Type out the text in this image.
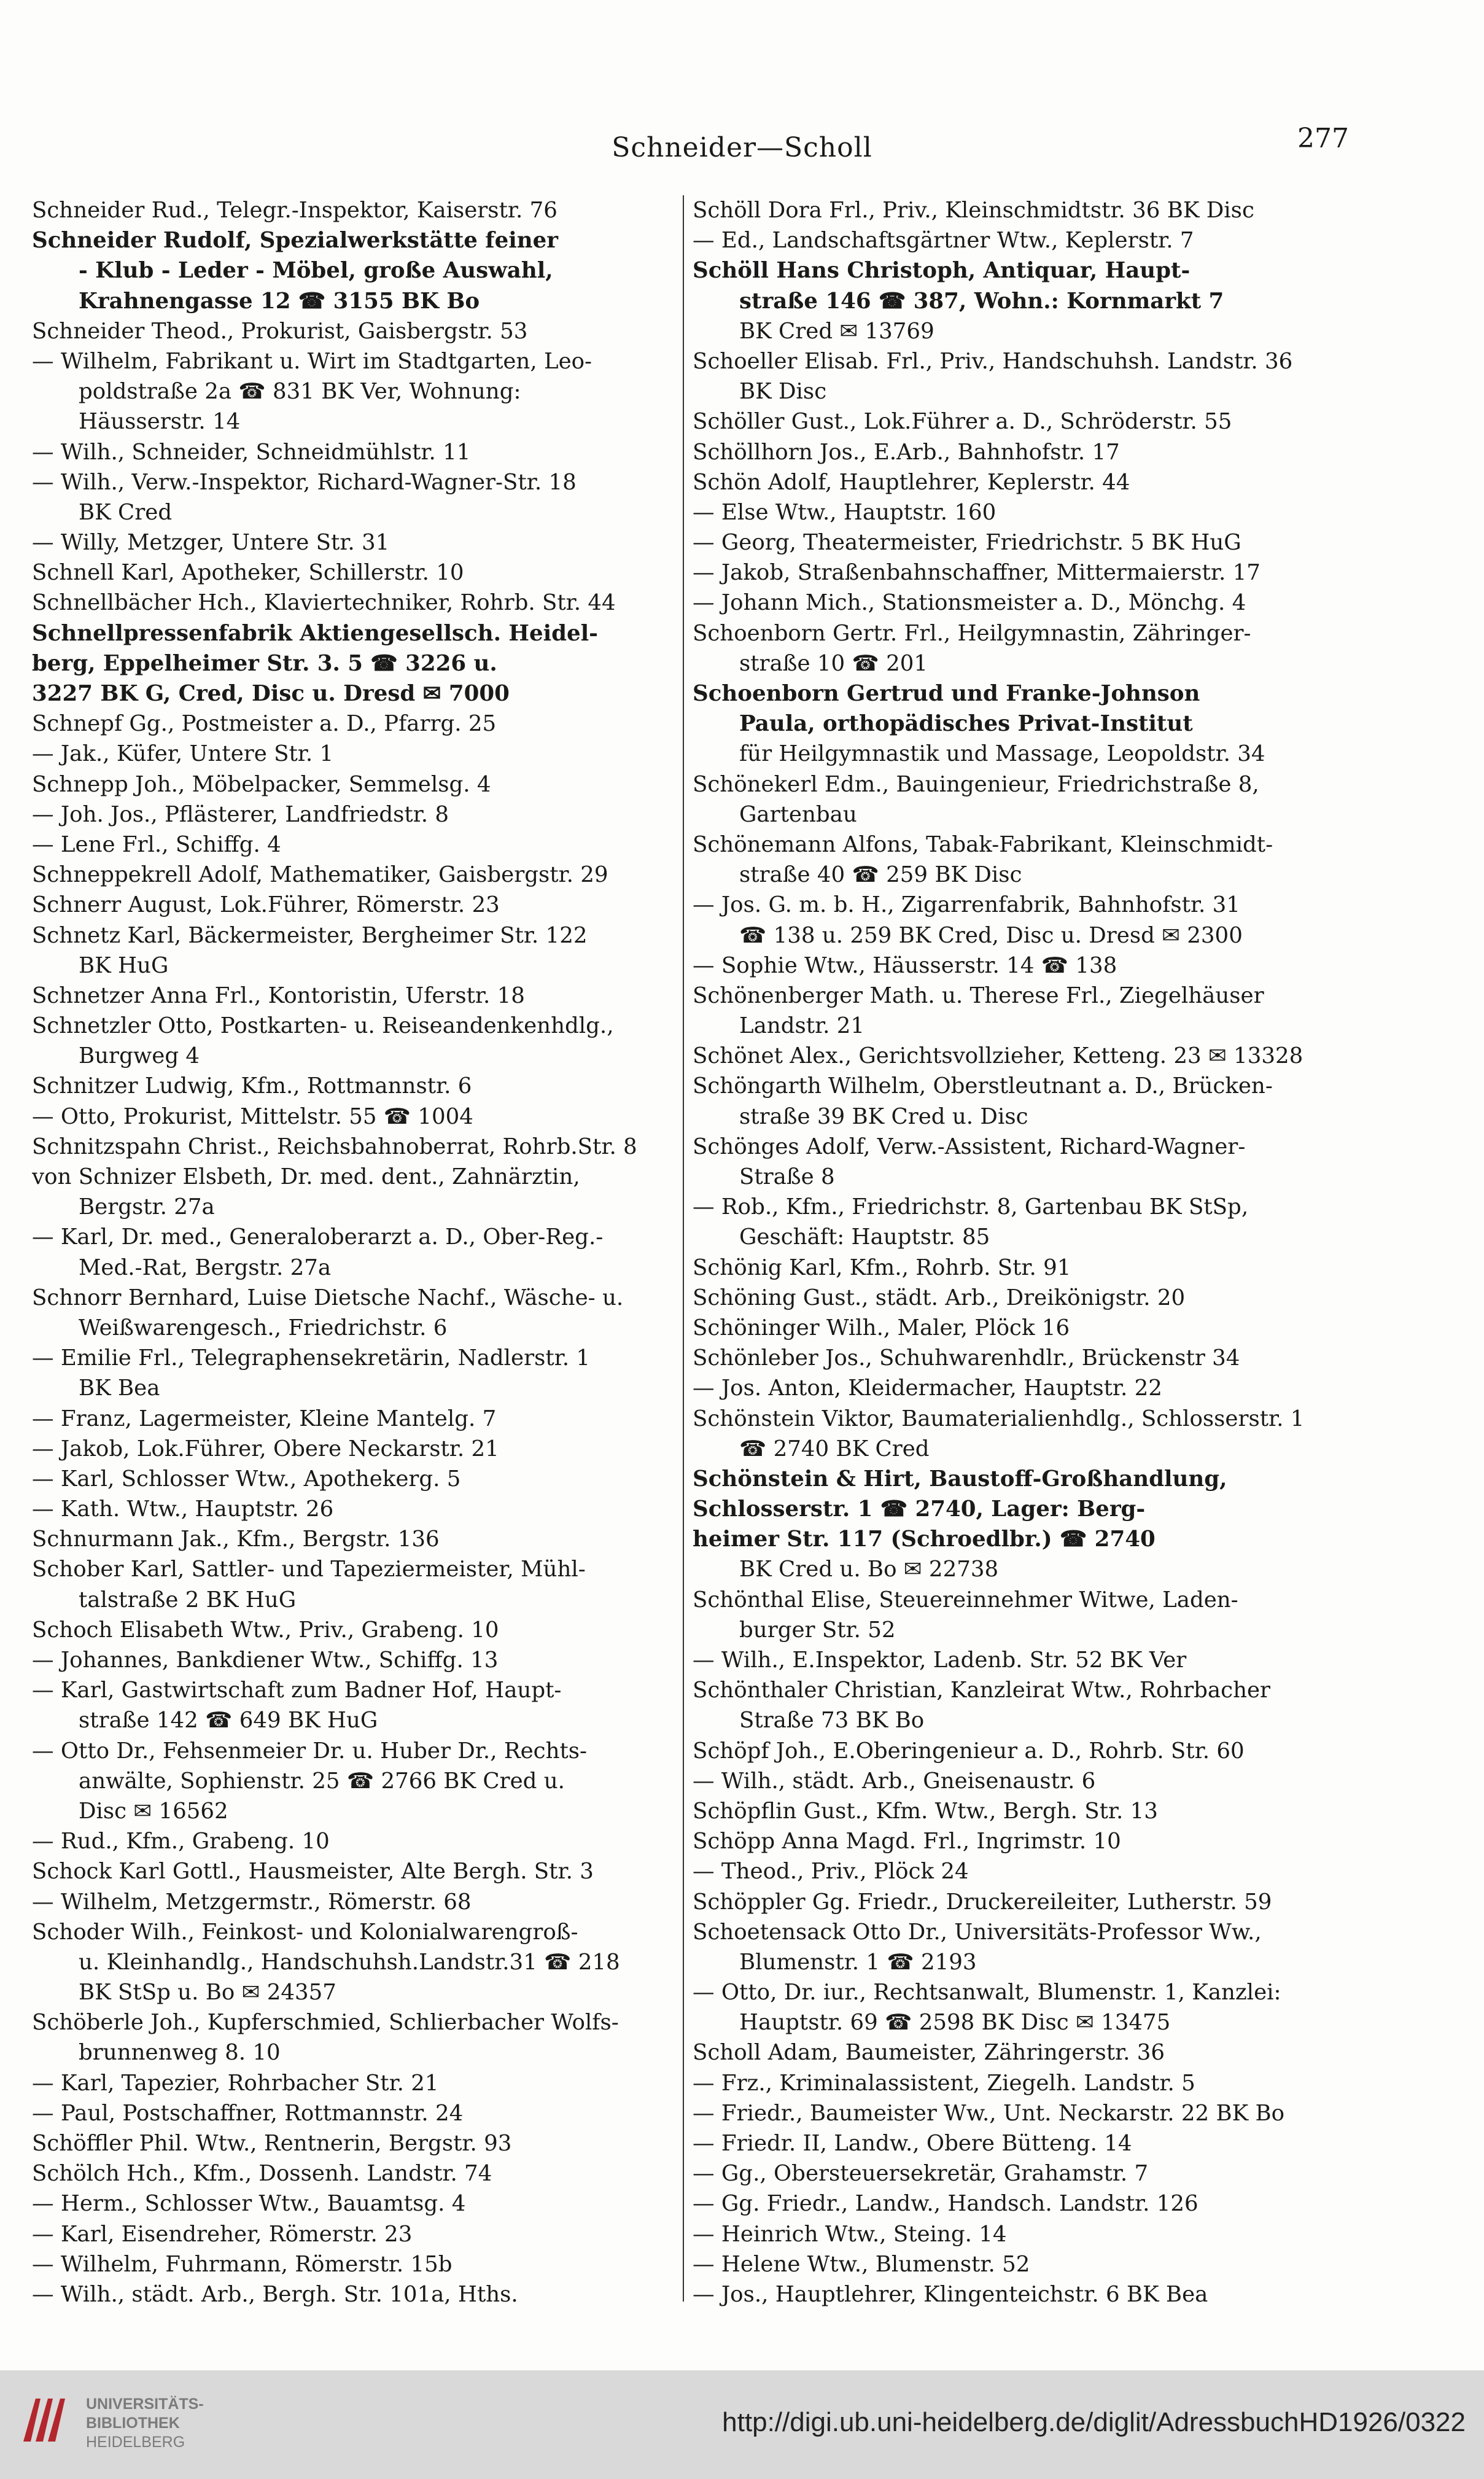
Schneider—Scholl	277
Schneider Rud., Telegr.-Inspektor, Kaiserstr. 76
Schneider Rudolf, Spezialwerkstätte feiner
- Klub - Leder - Möbel, große Auswahl,
Krahnengasse 12 ☎ 3155 BK Bo
Schneider Theod., Prokurist, Gaisbergstr. 53
— Wilhelm, Fabrikant u. Wirt im Stadtgarten, Leo-
poldstraße 2a ☎ 831 BK Ver, Wohnung:
Häusserstr. 14
— Wilh., Schneider, Schneidmühlstr. 11
— Wilh., Verw.-Inspektor, Richard-Wagner-Str. 18
BK Cred
— Willy, Metzger, Untere Str. 31
Schnell Karl, Apotheker, Schillerstr. 10
Schnellbächer Hch., Klaviertechniker, Rohrb. Str. 44
Schnellpressenfabrik Aktiengesellsch. Heidel-
berg, Eppelheimer Str. 3. 5 ☎ 3226 u.
3227 BK G, Cred, Disc u. Dresd ✉ 7000
Schnepf Gg., Postmeister a. D., Pfarrg. 25
— Jak., Küfer, Untere Str. 1
Schnepp Joh., Möbelpacker, Semmelsg. 4
— Joh. Jos., Pflästerer, Landfriedstr. 8
— Lene Frl., Schiffg. 4
Schneppekrell Adolf, Mathematiker, Gaisbergstr. 29
Schnerr August, Lok.Führer, Römerstr. 23
Schnetz Karl, Bäckermeister, Bergheimer Str. 122
BK HuG
Schnetzer Anna Frl., Kontoristin, Uferstr. 18
Schnetzler Otto, Postkarten- u. Reiseandenkenhdlg.,
Burgweg 4
Schnitzer Ludwig, Kfm., Rottmannstr. 6
— Otto, Prokurist, Mittelstr. 55 ☎ 1004
Schnitzspahn Christ., Reichsbahnoberrat, Rohrb.Str. 8
von Schnizer Elsbeth, Dr. med. dent., Zahnärztin,
Bergstr. 27a
— Karl, Dr. med., Generaloberarzt a. D., Ober-Reg.-
Med.-Rat, Bergstr. 27a
Schnorr Bernhard, Luise Dietsche Nachf., Wäsche- u.
Weißwarengesch., Friedrichstr. 6
— Emilie Frl., Telegraphensekretärin, Nadlerstr. 1
BK Bea
— Franz, Lagermeister, Kleine Mantelg. 7
— Jakob, Lok.Führer, Obere Neckarstr. 21
— Karl, Schlosser Wtw., Apothekerg. 5
— Kath. Wtw., Hauptstr. 26
Schnurmann Jak., Kfm., Bergstr. 136
Schober Karl, Sattler- und Tapeziermeister, Mühl-
talstraße 2 BK HuG
Schoch Elisabeth Wtw., Priv., Grabeng. 10
— Johannes, Bankdiener Wtw., Schiffg. 13
— Karl, Gastwirtschaft zum Badner Hof, Haupt-
straße 142 ☎ 649 BK HuG
— Otto Dr., Fehsenmeier Dr. u. Huber Dr., Rechts-
anwälte, Sophienstr. 25 ☎ 2766 BK Cred u.
Disc ✉ 16562
— Rud., Kfm., Grabeng. 10
Schock Karl Gottl., Hausmeister, Alte Bergh. Str. 3
— Wilhelm, Metzgermstr., Römerstr. 68
Schoder Wilh., Feinkost- und Kolonialwarengroß-
u. Kleinhandlg., Handschuhsh.Landstr.31 ☎ 218
BK StSp u. Bo ✉ 24357
Schöberle Joh., Kupferschmied, Schlierbacher Wolfs-
brunnenweg 8. 10
— Karl, Tapezier, Rohrbacher Str. 21
— Paul, Postschaffner, Rottmannstr. 24
Schöffler Phil. Wtw., Rentnerin, Bergstr. 93
Schölch Hch., Kfm., Dossenh. Landstr. 74
— Herm., Schlosser Wtw., Bauamtsg. 4
— Karl, Eisendreher, Römerstr. 23
— Wilhelm, Fuhrmann, Römerstr. 15b
— Wilh., städt. Arb., Bergh. Str. 101a, Hths.
Schöll Dora Frl., Priv., Kleinschmidtstr. 36 BK Disc
— Ed., Landschaftsgärtner Wtw., Keplerstr. 7
Schöll Hans Christoph, Antiquar, Haupt-
straße 146 ☎ 387, Wohn.: Kornmarkt 7
BK Cred ✉ 13769
Schoeller Elisab. Frl., Priv., Handschuhsh. Landstr. 36
BK Disc
Schöller Gust., Lok.Führer a. D., Schröderstr. 55
Schöllhorn Jos., E.Arb., Bahnhofstr. 17
Schön Adolf, Hauptlehrer, Keplerstr. 44
— Else Wtw., Hauptstr. 160
— Georg, Theatermeister, Friedrichstr. 5 BK HuG
— Jakob, Straßenbahnschaffner, Mittermaierstr. 17
— Johann Mich., Stationsmeister a. D., Mönchg. 4
Schoenborn Gertr. Frl., Heilgymnastin, Zähringer-
straße 10 ☎ 201
Schoenborn Gertrud und Franke-Johnson
Paula, orthopädisches Privat-Institut
für Heilgymnastik und Massage, Leopoldstr. 34
Schönekerl Edm., Bauingenieur, Friedrichstraße 8,
Gartenbau
Schönemann Alfons, Tabak-Fabrikant, Kleinschmidt-
straße 40 ☎ 259 BK Disc
— Jos. G. m. b. H., Zigarrenfabrik, Bahnhofstr. 31
☎ 138 u. 259 BK Cred, Disc u. Dresd ✉ 2300
— Sophie Wtw., Häusserstr. 14 ☎ 138
Schönenberger Math. u. Therese Frl., Ziegelhäuser
Landstr. 21
Schönet Alex., Gerichtsvollzieher, Ketteng. 23 ✉ 13328
Schöngarth Wilhelm, Oberstleutnant a. D., Brücken-
straße 39 BK Cred u. Disc
Schönges Adolf, Verw.-Assistent, Richard-Wagner-
Straße 8
— Rob., Kfm., Friedrichstr. 8, Gartenbau BK StSp,
Geschäft: Hauptstr. 85
Schönig Karl, Kfm., Rohrb. Str. 91
Schöning Gust., städt. Arb., Dreikönigstr. 20
Schöninger Wilh., Maler, Plöck 16
Schönleber Jos., Schuhwarenhdlr., Brückenstr 34
— Jos. Anton, Kleidermacher, Hauptstr. 22
Schönstein Viktor, Baumaterialienhdlg., Schlosserstr. 1
☎ 2740 BK Cred
Schönstein & Hirt, Baustoff-Großhandlung,
Schlosserstr. 1 ☎ 2740, Lager: Berg-
heimer Str. 117 (Schroedlbr.) ☎ 2740
BK Cred u. Bo ✉ 22738
Schönthal Elise, Steuereinnehmer Witwe, Laden-
burger Str. 52
— Wilh., E.Inspektor, Ladenb. Str. 52 BK Ver
Schönthaler Christian, Kanzleirat Wtw., Rohrbacher
Straße 73 BK Bo
Schöpf Joh., E.Oberingenieur a. D., Rohrb. Str. 60
— Wilh., städt. Arb., Gneisenaustr. 6
Schöpflin Gust., Kfm. Wtw., Bergh. Str. 13
Schöpp Anna Magd. Frl., Ingrimstr. 10
— Theod., Priv., Plöck 24
Schöppler Gg. Friedr., Druckereileiter, Lutherstr. 59
Schoetensack Otto Dr., Universitäts-Professor Ww.,
Blumenstr. 1 ☎ 2193
— Otto, Dr. iur., Rechtsanwalt, Blumenstr. 1, Kanzlei:
Hauptstr. 69 ☎ 2598 BK Disc ✉ 13475
Scholl Adam, Baumeister, Zähringerstr. 36
— Frz., Kriminalassistent, Ziegelh. Landstr. 5
— Friedr., Baumeister Ww., Unt. Neckarstr. 22 BK Bo
— Friedr. II, Landw., Obere Bütteng. 14
— Gg., Obersteuersekretär, Grahamstr. 7
— Gg. Friedr., Landw., Handsch. Landstr. 126
— Heinrich Wtw., Steing. 14
— Helene Wtw., Blumenstr. 52
— Jos., Hauptlehrer, Klingenteichstr. 6 BK Bea
UNIVERSITÄTS-
BIBLIOTHEK
HEIDELBERG
http://digi.ub.uni-heidelberg.de/diglit/AdressbuchHD1926/0322
